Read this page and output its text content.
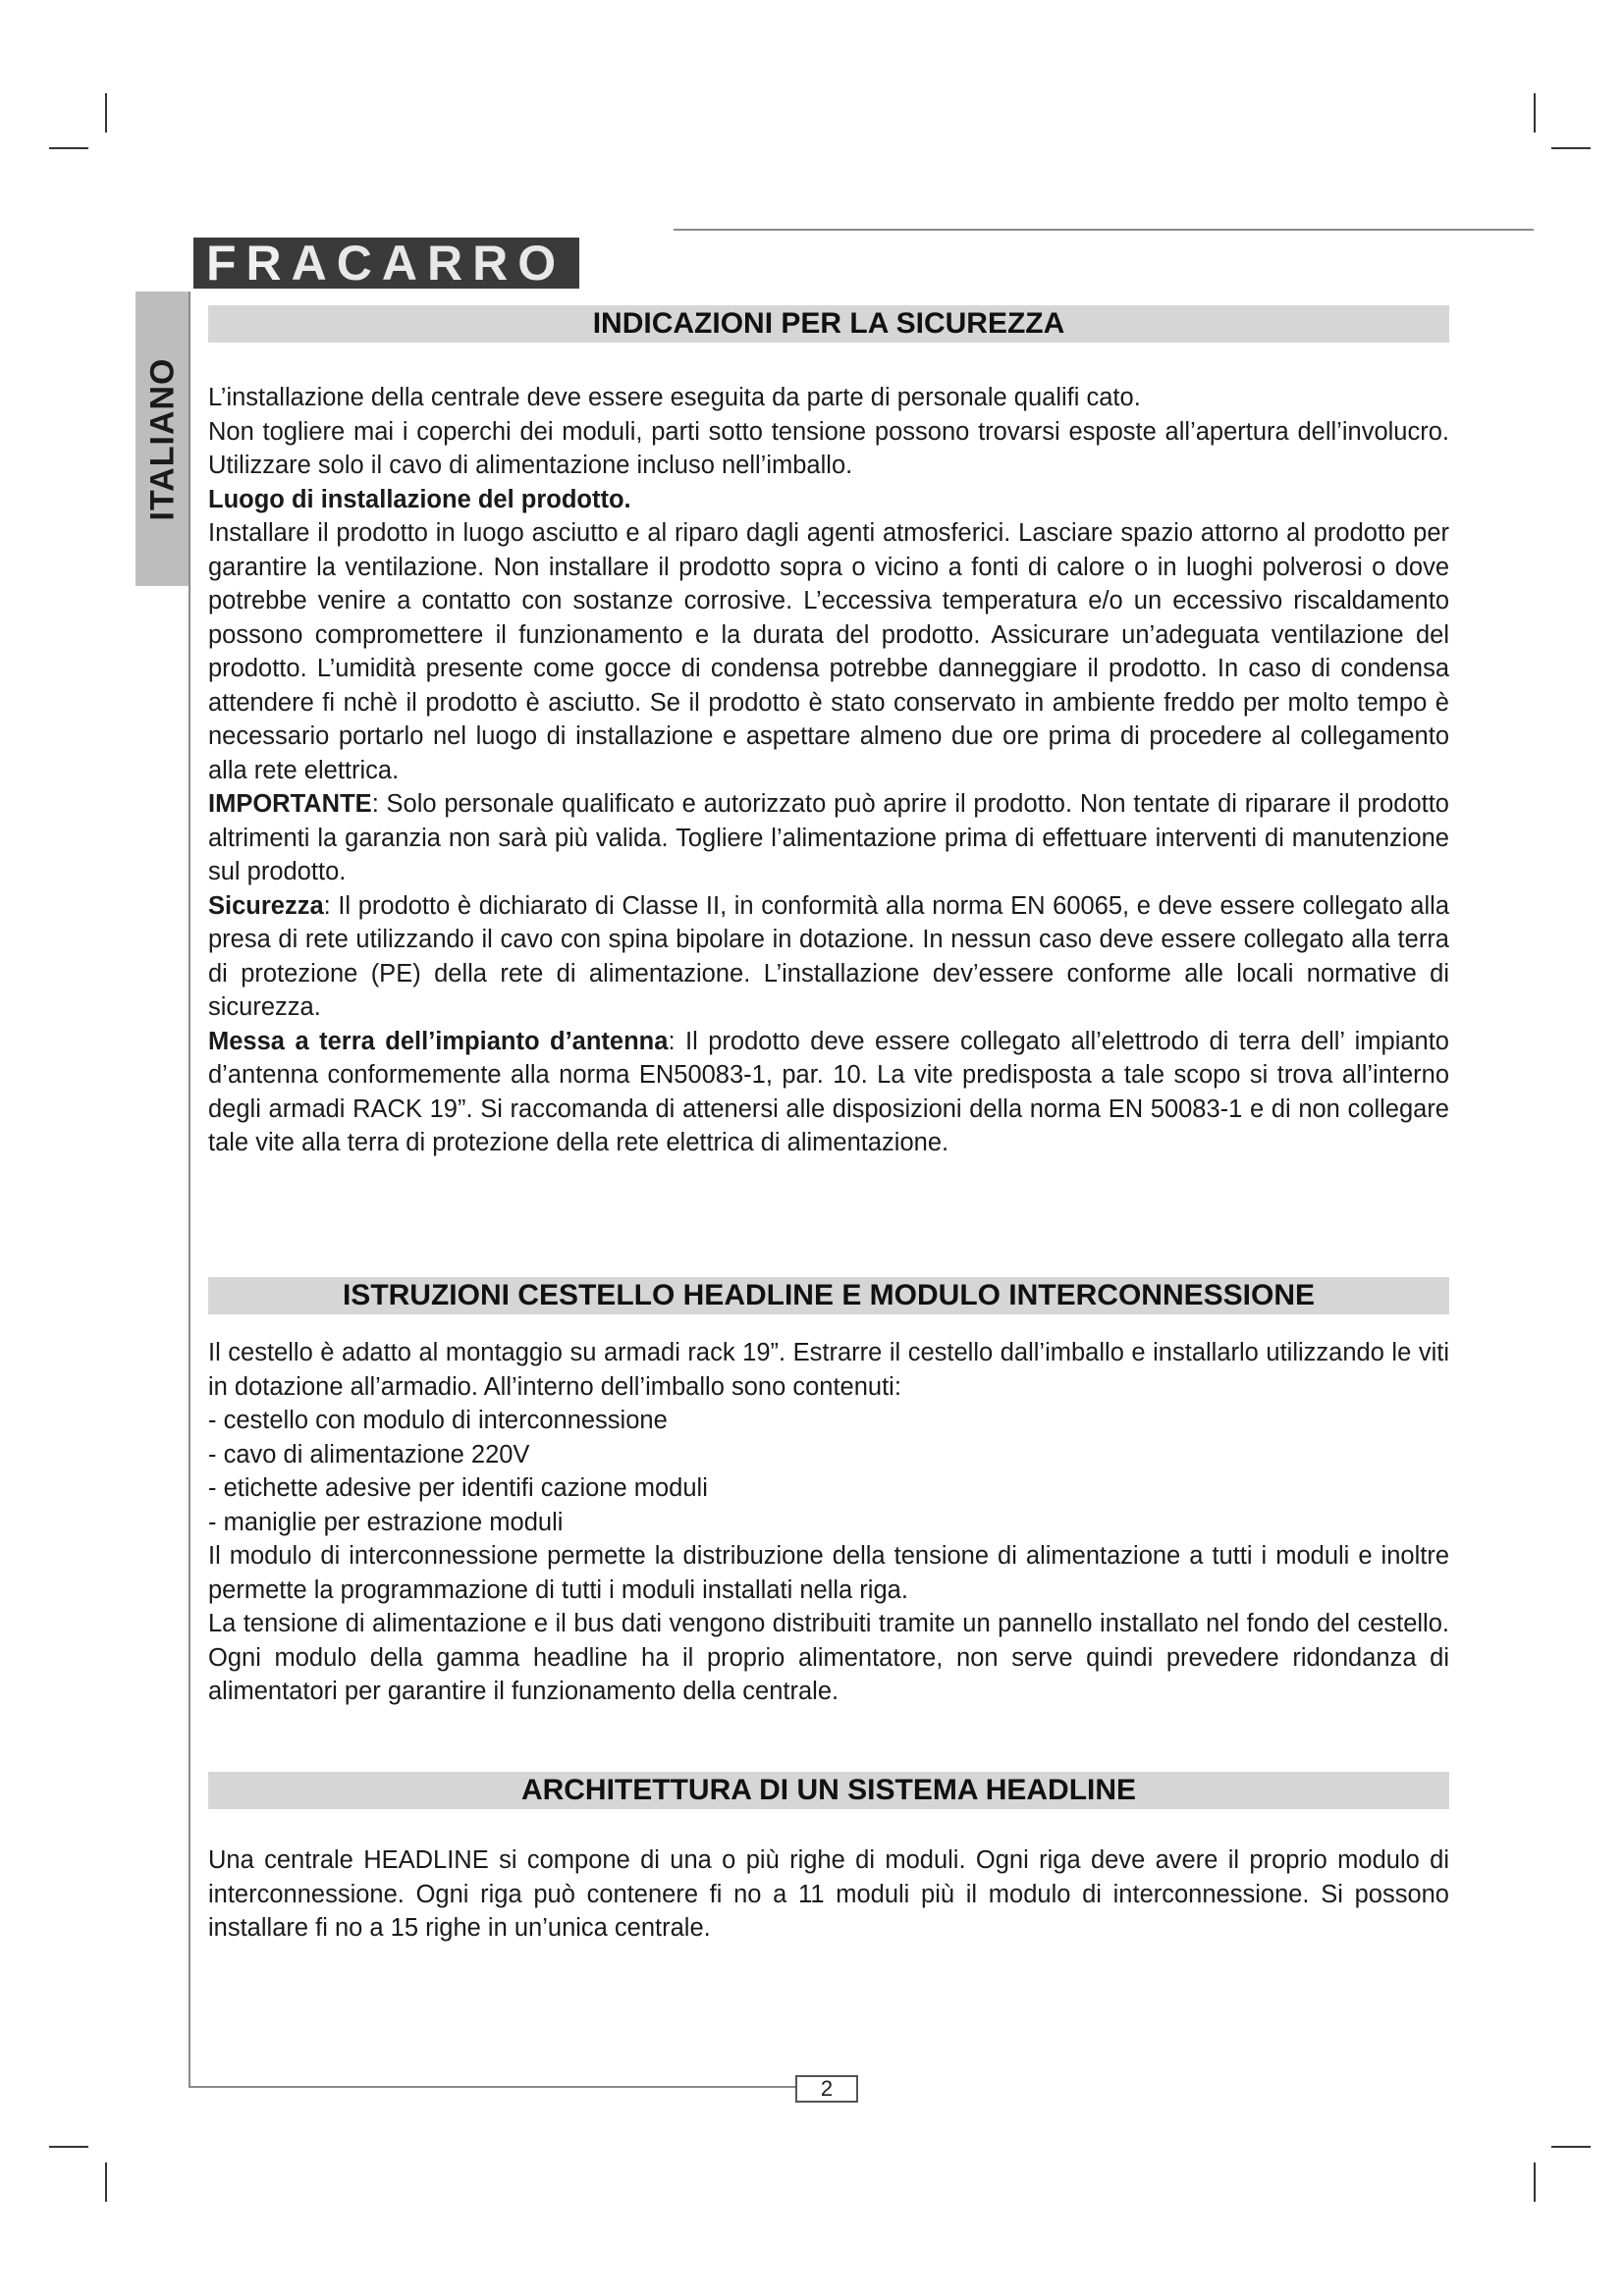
FR ACARRO
ITALIANO
INDICAZIONI PER LA SICUREZZA

L’installazione della centrale deve essere eseguita da parte di personale qualifi cato.

Non togliere mai i coperchi dei moduli, parti sotto tensione possono trovarsi esposte all’apertura dell’involucro. Utilizzare solo il cavo di alimentazione incluso nell’imballo.

Luogo di installazione del prodotto.

Installare il prodotto in luogo asciutto e al riparo dagli agenti atmosferici. Lasciare spazio attorno al prodotto per garantire la ventilazione. Non installare il prodotto sopra o vicino a fonti di calore o in luoghi polverosi o dove potrebbe venire a contatto con sostanze corrosive. L’eccessiva temperatura e/o un eccessivo riscaldamento possono compromettere il funzionamento e la durata del prodotto. Assicurare un’adeguata ventilazione del prodotto. L’umidità presente come gocce di condensa potrebbe danneggiare il prodotto. In caso di condensa attendere fi nchè il prodotto è asciutto. Se il prodotto è stato conservato in ambiente freddo per molto tempo è necessario portarlo nel luogo di installazione e aspettare almeno due ore prima di procedere al collegamento alla rete elettrica.

IMPORTANTE: Solo personale qualificato e autorizzato può aprire il prodotto. Non tentate di riparare il prodotto altrimenti la garanzia non sarà più valida. Togliere l’alimentazione prima di effettuare interventi di manutenzione sul prodotto.

Sicurezza: Il prodotto è dichiarato di Classe II, in conformità alla norma EN 60065, e deve essere collegato alla presa di rete utilizzando il cavo con spina bipolare in dotazione. In nessun caso deve essere collegato alla terra di protezione (PE) della rete di alimentazione. L’installazione dev’essere conforme alle locali normative di sicurezza.

Messa a terra dell’impianto d’antenna: Il prodotto deve essere collegato all’elettrodo di terra dell’ impianto d’antenna conformemente alla norma EN50083-1, par. 10. La vite predisposta a tale scopo si trova all’interno degli armadi RACK 19”. Si raccomanda di attenersi alle disposizioni della norma EN 50083-1 e di non collegare tale vite alla terra di protezione della rete elettrica di alimentazione.

ISTRUZIONI CESTELLO HEADLINE E MODULO INTERCONNESSIONE

Il cestello è adatto al montaggio su armadi rack 19”. Estrarre il cestello dall’imballo e installarlo utilizzando le viti in dotazione all’armadio. All’interno dell’imballo sono contenuti:

- cestello con modulo di interconnessione

- cavo di alimentazione 220V

- etichette adesive per identifi cazione moduli

- maniglie per estrazione moduli

Il modulo di interconnessione permette la distribuzione della tensione di alimentazione a tutti i moduli e inoltre permette la programmazione di tutti i moduli installati nella riga.

La tensione di alimentazione e il bus dati vengono distribuiti tramite un pannello installato nel fondo del cestello. Ogni modulo della gamma headline ha il proprio alimentatore, non serve quindi prevedere ridondanza di alimentatori per garantire il funzionamento della centrale.

ARCHITETTURA DI UN SISTEMA HEADLINE

Una centrale HEADLINE si compone di una o più righe di moduli. Ogni riga deve avere il proprio modulo di interconnessione. Ogni riga può contenere fi no a 11 moduli più il modulo di interconnessione. Si possono installare fi no a 15 righe in un’unica centrale.

2
